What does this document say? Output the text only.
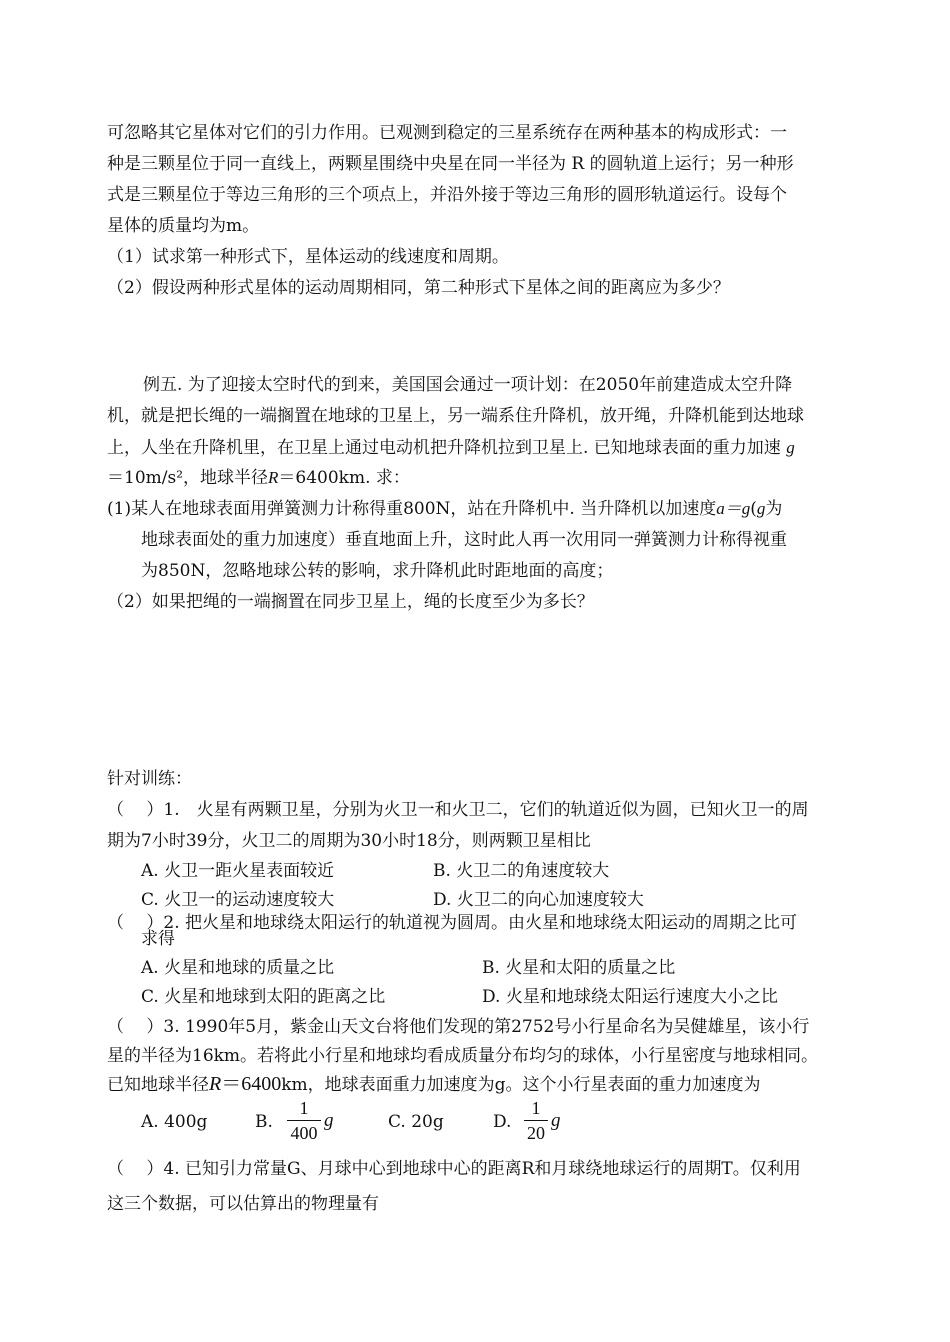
可忽略其它星体对它们的引力作用。已观测到稳定的三星系统存在两种基本的构成形式：一
种是三颗星位于同一直线上，两颗星围绕中央星在同一半径为 R 的圆轨道上运行；另一种形
式是三颗星位于等边三角形的三个项点上，并沿外接于等边三角形的圆形轨道运行。设每个
星体的质量均为m。
（1）试求第一种形式下，星体运动的线速度和周期。
（2）假设两种形式星体的运动周期相同，第二种形式下星体之间的距离应为多少？
例五. 为了迎接太空时代的到来，美国国会通过一项计划：在2050年前建造成太空升降
机，就是把长绳的一端搁置在地球的卫星上，另一端系住升降机，放开绳，升降机能到达地球
上，人坐在升降机里，在卫星上通过电动机把升降机拉到卫星上. 已知地球表面的重力加速 g
＝10m/s²，地球半径R＝6400km. 求：
(1)某人在地球表面用弹簧测力计称得重800N，站在升降机中. 当升降机以加速度a＝g(g为
地球表面处的重力加速度）垂直地面上升，这时此人再一次用同一弹簧测力计称得视重
为850N，忽略地球公转的影响，求升降机此时距地面的高度；
（2）如果把绳的一端搁置在同步卫星上，绳的长度至少为多长？
针对训练：
（　 ）1.　火星有两颗卫星，分别为火卫一和火卫二，它们的轨道近似为圆，已知火卫一的周
期为7小时39分，火卫二的周期为30小时18分，则两颗卫星相比
A. 火卫一距火星表面较近	B. 火卫二的角速度较大
C. 火卫一的运动速度较大	D. 火卫二的向心加速度较大
（　 ）2. 把火星和地球绕太阳运行的轨道视为圆周。由火星和地球绕太阳运动的周期之比可
求得
A. 火星和地球的质量之比	B. 火星和太阳的质量之比
C. 火星和地球到太阳的距离之比	D. 火星和地球绕太阳运行速度大小之比
（　 ）3. 1990年5月，紫金山天文台将他们发现的第2752号小行星命名为吴健雄星，该小行
星的半径为16km。若将此小行星和地球均看成质量分布均匀的球体，小行星密度与地球相同。
已知地球半径R＝6400km，地球表面重力加速度为g。这个小行星表面的重力加速度为
A. 400g	B.
1
400
g	C. 20g	D.
1
20
g
（　 ）4. 已知引力常量G、月球中心到地球中心的距离R和月球绕地球运行的周期T。仅利用
这三个数据，可以估算出的物理量有
